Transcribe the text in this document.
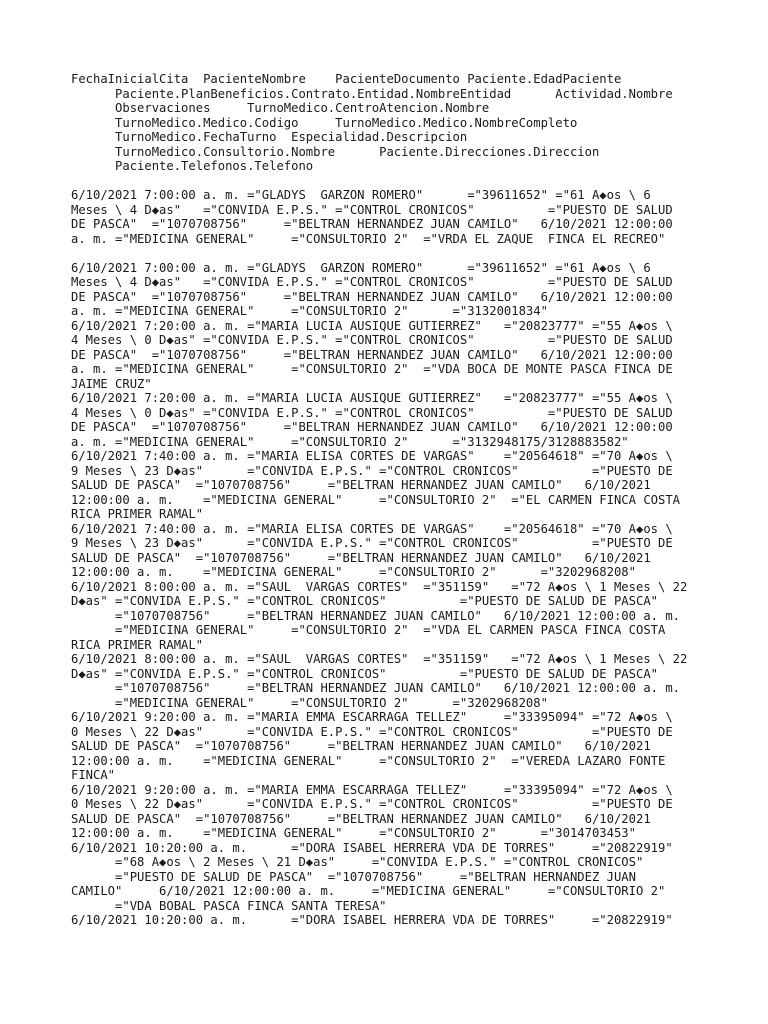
FechaInicialCita  PacienteNombre    PacienteDocumento Paciente.EdadPaciente
Paciente.PlanBeneficios.Contrato.Entidad.NombreEntidad      Actividad.Nombre
Observaciones     TurnoMedico.CentroAtencion.Nombre
TurnoMedico.Medico.Codigo     TurnoMedico.Medico.NombreCompleto
TurnoMedico.FechaTurno  Especialidad.Descripcion
TurnoMedico.Consultorio.Nombre      Paciente.Direcciones.Direccion
Paciente.Telefonos.Telefono
6/10/2021 7:00:00 a. m. ="GLADYS  GARZON ROMERO"      ="39611652" ="61 A◆os \ 6
Meses \ 4 D◆as"   ="CONVIDA E.P.S." ="CONTROL CRONICOS"          ="PUESTO DE SALUD
DE PASCA"  ="1070708756"     ="BELTRAN HERNANDEZ JUAN CAMILO"   6/10/2021 12:00:00
a. m. ="MEDICINA GENERAL"     ="CONSULTORIO 2"  ="VRDA EL ZAQUE  FINCA EL RECREO"
6/10/2021 7:00:00 a. m. ="GLADYS  GARZON ROMERO"      ="39611652" ="61 A◆os \ 6
Meses \ 4 D◆as"   ="CONVIDA E.P.S." ="CONTROL CRONICOS"          ="PUESTO DE SALUD
DE PASCA"  ="1070708756"     ="BELTRAN HERNANDEZ JUAN CAMILO"   6/10/2021 12:00:00
a. m. ="MEDICINA GENERAL"     ="CONSULTORIO 2"      ="3132001834"
6/10/2021 7:20:00 a. m. ="MARIA LUCIA AUSIQUE GUTIERREZ"   ="20823777" ="55 A◆os \
4 Meses \ 0 D◆as" ="CONVIDA E.P.S." ="CONTROL CRONICOS"          ="PUESTO DE SALUD
DE PASCA"  ="1070708756"     ="BELTRAN HERNANDEZ JUAN CAMILO"   6/10/2021 12:00:00
a. m. ="MEDICINA GENERAL"     ="CONSULTORIO 2"  ="VDA BOCA DE MONTE PASCA FINCA DE
JAIME CRUZ"
6/10/2021 7:20:00 a. m. ="MARIA LUCIA AUSIQUE GUTIERREZ"   ="20823777" ="55 A◆os \
4 Meses \ 0 D◆as" ="CONVIDA E.P.S." ="CONTROL CRONICOS"          ="PUESTO DE SALUD
DE PASCA"  ="1070708756"     ="BELTRAN HERNANDEZ JUAN CAMILO"   6/10/2021 12:00:00
a. m. ="MEDICINA GENERAL"     ="CONSULTORIO 2"      ="3132948175/3128883582"
6/10/2021 7:40:00 a. m. ="MARIA ELISA CORTES DE VARGAS"    ="20564618" ="70 A◆os \
9 Meses \ 23 D◆as"      ="CONVIDA E.P.S." ="CONTROL CRONICOS"          ="PUESTO DE
SALUD DE PASCA"  ="1070708756"     ="BELTRAN HERNANDEZ JUAN CAMILO"   6/10/2021
12:00:00 a. m.    ="MEDICINA GENERAL"     ="CONSULTORIO 2"  ="EL CARMEN FINCA COSTA
RICA PRIMER RAMAL"
6/10/2021 7:40:00 a. m. ="MARIA ELISA CORTES DE VARGAS"    ="20564618" ="70 A◆os \
9 Meses \ 23 D◆as"      ="CONVIDA E.P.S." ="CONTROL CRONICOS"          ="PUESTO DE
SALUD DE PASCA"  ="1070708756"     ="BELTRAN HERNANDEZ JUAN CAMILO"   6/10/2021
12:00:00 a. m.    ="MEDICINA GENERAL"     ="CONSULTORIO 2"      ="3202968208"
6/10/2021 8:00:00 a. m. ="SAUL  VARGAS CORTES"  ="351159"   ="72 A◆os \ 1 Meses \ 22
D◆as" ="CONVIDA E.P.S." ="CONTROL CRONICOS"          ="PUESTO DE SALUD DE PASCA"
="1070708756"     ="BELTRAN HERNANDEZ JUAN CAMILO"   6/10/2021 12:00:00 a. m.
="MEDICINA GENERAL"     ="CONSULTORIO 2"  ="VDA EL CARMEN PASCA FINCA COSTA
RICA PRIMER RAMAL"
6/10/2021 8:00:00 a. m. ="SAUL  VARGAS CORTES"  ="351159"   ="72 A◆os \ 1 Meses \ 22
D◆as" ="CONVIDA E.P.S." ="CONTROL CRONICOS"          ="PUESTO DE SALUD DE PASCA"
="1070708756"     ="BELTRAN HERNANDEZ JUAN CAMILO"   6/10/2021 12:00:00 a. m.
="MEDICINA GENERAL"     ="CONSULTORIO 2"      ="3202968208"
6/10/2021 9:20:00 a. m. ="MARIA EMMA ESCARRAGA TELLEZ"     ="33395094" ="72 A◆os \
0 Meses \ 22 D◆as"      ="CONVIDA E.P.S." ="CONTROL CRONICOS"          ="PUESTO DE
SALUD DE PASCA"  ="1070708756"     ="BELTRAN HERNANDEZ JUAN CAMILO"   6/10/2021
12:00:00 a. m.    ="MEDICINA GENERAL"     ="CONSULTORIO 2"  ="VEREDA LAZARO FONTE
FINCA"
6/10/2021 9:20:00 a. m. ="MARIA EMMA ESCARRAGA TELLEZ"     ="33395094" ="72 A◆os \
0 Meses \ 22 D◆as"      ="CONVIDA E.P.S." ="CONTROL CRONICOS"          ="PUESTO DE
SALUD DE PASCA"  ="1070708756"     ="BELTRAN HERNANDEZ JUAN CAMILO"   6/10/2021
12:00:00 a. m.    ="MEDICINA GENERAL"     ="CONSULTORIO 2"      ="3014703453"
6/10/2021 10:20:00 a. m.      ="DORA ISABEL HERRERA VDA DE TORRES"     ="20822919"
="68 A◆os \ 2 Meses \ 21 D◆as"     ="CONVIDA E.P.S." ="CONTROL CRONICOS"
="PUESTO DE SALUD DE PASCA"  ="1070708756"     ="BELTRAN HERNANDEZ JUAN
CAMILO"     6/10/2021 12:00:00 a. m.     ="MEDICINA GENERAL"     ="CONSULTORIO 2"
="VDA BOBAL PASCA FINCA SANTA TERESA"
6/10/2021 10:20:00 a. m.      ="DORA ISABEL HERRERA VDA DE TORRES"     ="20822919"
